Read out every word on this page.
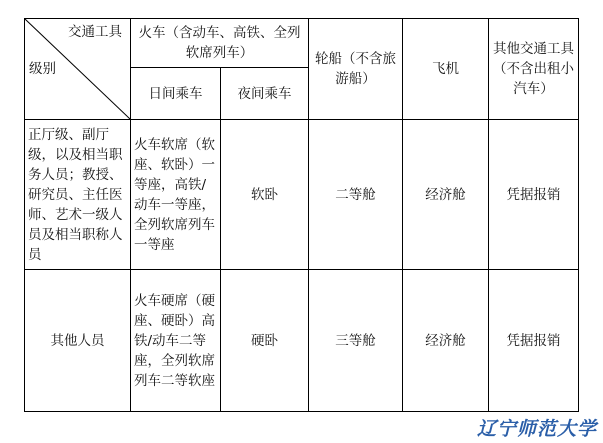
交通工具
级别	火车（含动车、高铁、全列软席列车）		轮船（不含旅游船）	飞机	其他交通工具（不含出租小汽车）
	日间乘车	夜间乘车			
正厅级、副厅级，以及相当职务人员；教授、研究员、主任医师、艺术一级人员及相当职称人员	火车软席（软座、软卧）一等座，高铁/动车一等座，全列软席列车一等座	软卧	二等舱	经济舱	凭据报销
其他人员	火车硬席（硬座、硬卧）高铁/动车二等座，全列软席列车二等软座	硬卧	三等舱	经济舱	凭据报销
辽宁师范大学
